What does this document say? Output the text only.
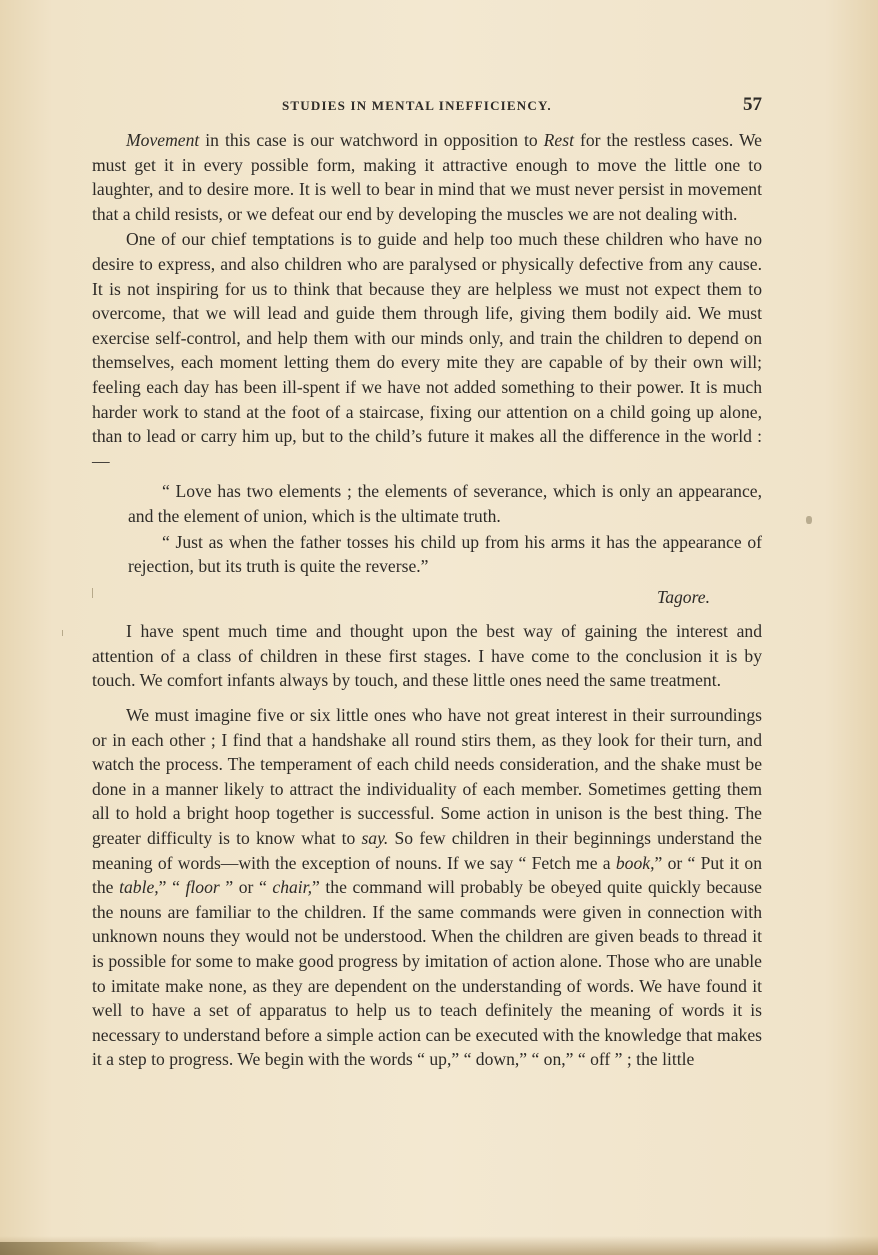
STUDIES IN MENTAL INEFFICIENCY.	57

Movement in this case is our watchword in opposition to Rest for the restless cases. We must get it in every possible form, making it attractive enough to move the little one to laughter, and to desire more. It is well to bear in mind that we must never persist in movement that a child resists, or we defeat our end by developing the muscles we are not dealing with.

One of our chief temptations is to guide and help too much these children who have no desire to express, and also children who are paralysed or physically defective from any cause. It is not inspiring for us to think that because they are helpless we must not expect them to overcome, that we will lead and guide them through life, giving them bodily aid. We must exercise self-control, and help them with our minds only, and train the children to depend on themselves, each moment letting them do every mite they are capable of by their own will; feeling each day has been ill-spent if we have not added something to their power. It is much harder work to stand at the foot of a staircase, fixing our attention on a child going up alone, than to lead or carry him up, but to the child’s future it makes all the difference in the world : —

“ Love has two elements ; the elements of severance, which is only an appearance, and the element of union, which is the ultimate truth.

“ Just as when the father tosses his child up from his arms it has the appearance of rejection, but its truth is quite the reverse.”

Tagore.

I have spent much time and thought upon the best way of gaining the interest and attention of a class of children in these first stages. I have come to the conclusion it is by touch. We comfort infants always by touch, and these little ones need the same treatment.

We must imagine five or six little ones who have not great interest in their surroundings or in each other ; I find that a handshake all round stirs them, as they look for their turn, and watch the process. The temperament of each child needs consideration, and the shake must be done in a manner likely to attract the individuality of each member. Sometimes getting them all to hold a bright hoop together is successful. Some action in unison is the best thing. The greater difficulty is to know what to say. So few children in their beginnings understand the meaning of words—with the exception of nouns. If we say “ Fetch me a book,” or “ Put it on the table,” “ floor ” or “ chair,” the command will probably be obeyed quite quickly because the nouns are familiar to the children. If the same commands were given in connection with unknown nouns they would not be understood. When the children are given beads to thread it is possible for some to make good progress by imitation of action alone. Those who are unable to imitate make none, as they are dependent on the understanding of words. We have found it well to have a set of apparatus to help us to teach definitely the meaning of words it is necessary to understand before a simple action can be executed with the knowledge that makes it a step to progress. We begin with the words “ up,” “ down,” “ on,” “ off ” ; the little
